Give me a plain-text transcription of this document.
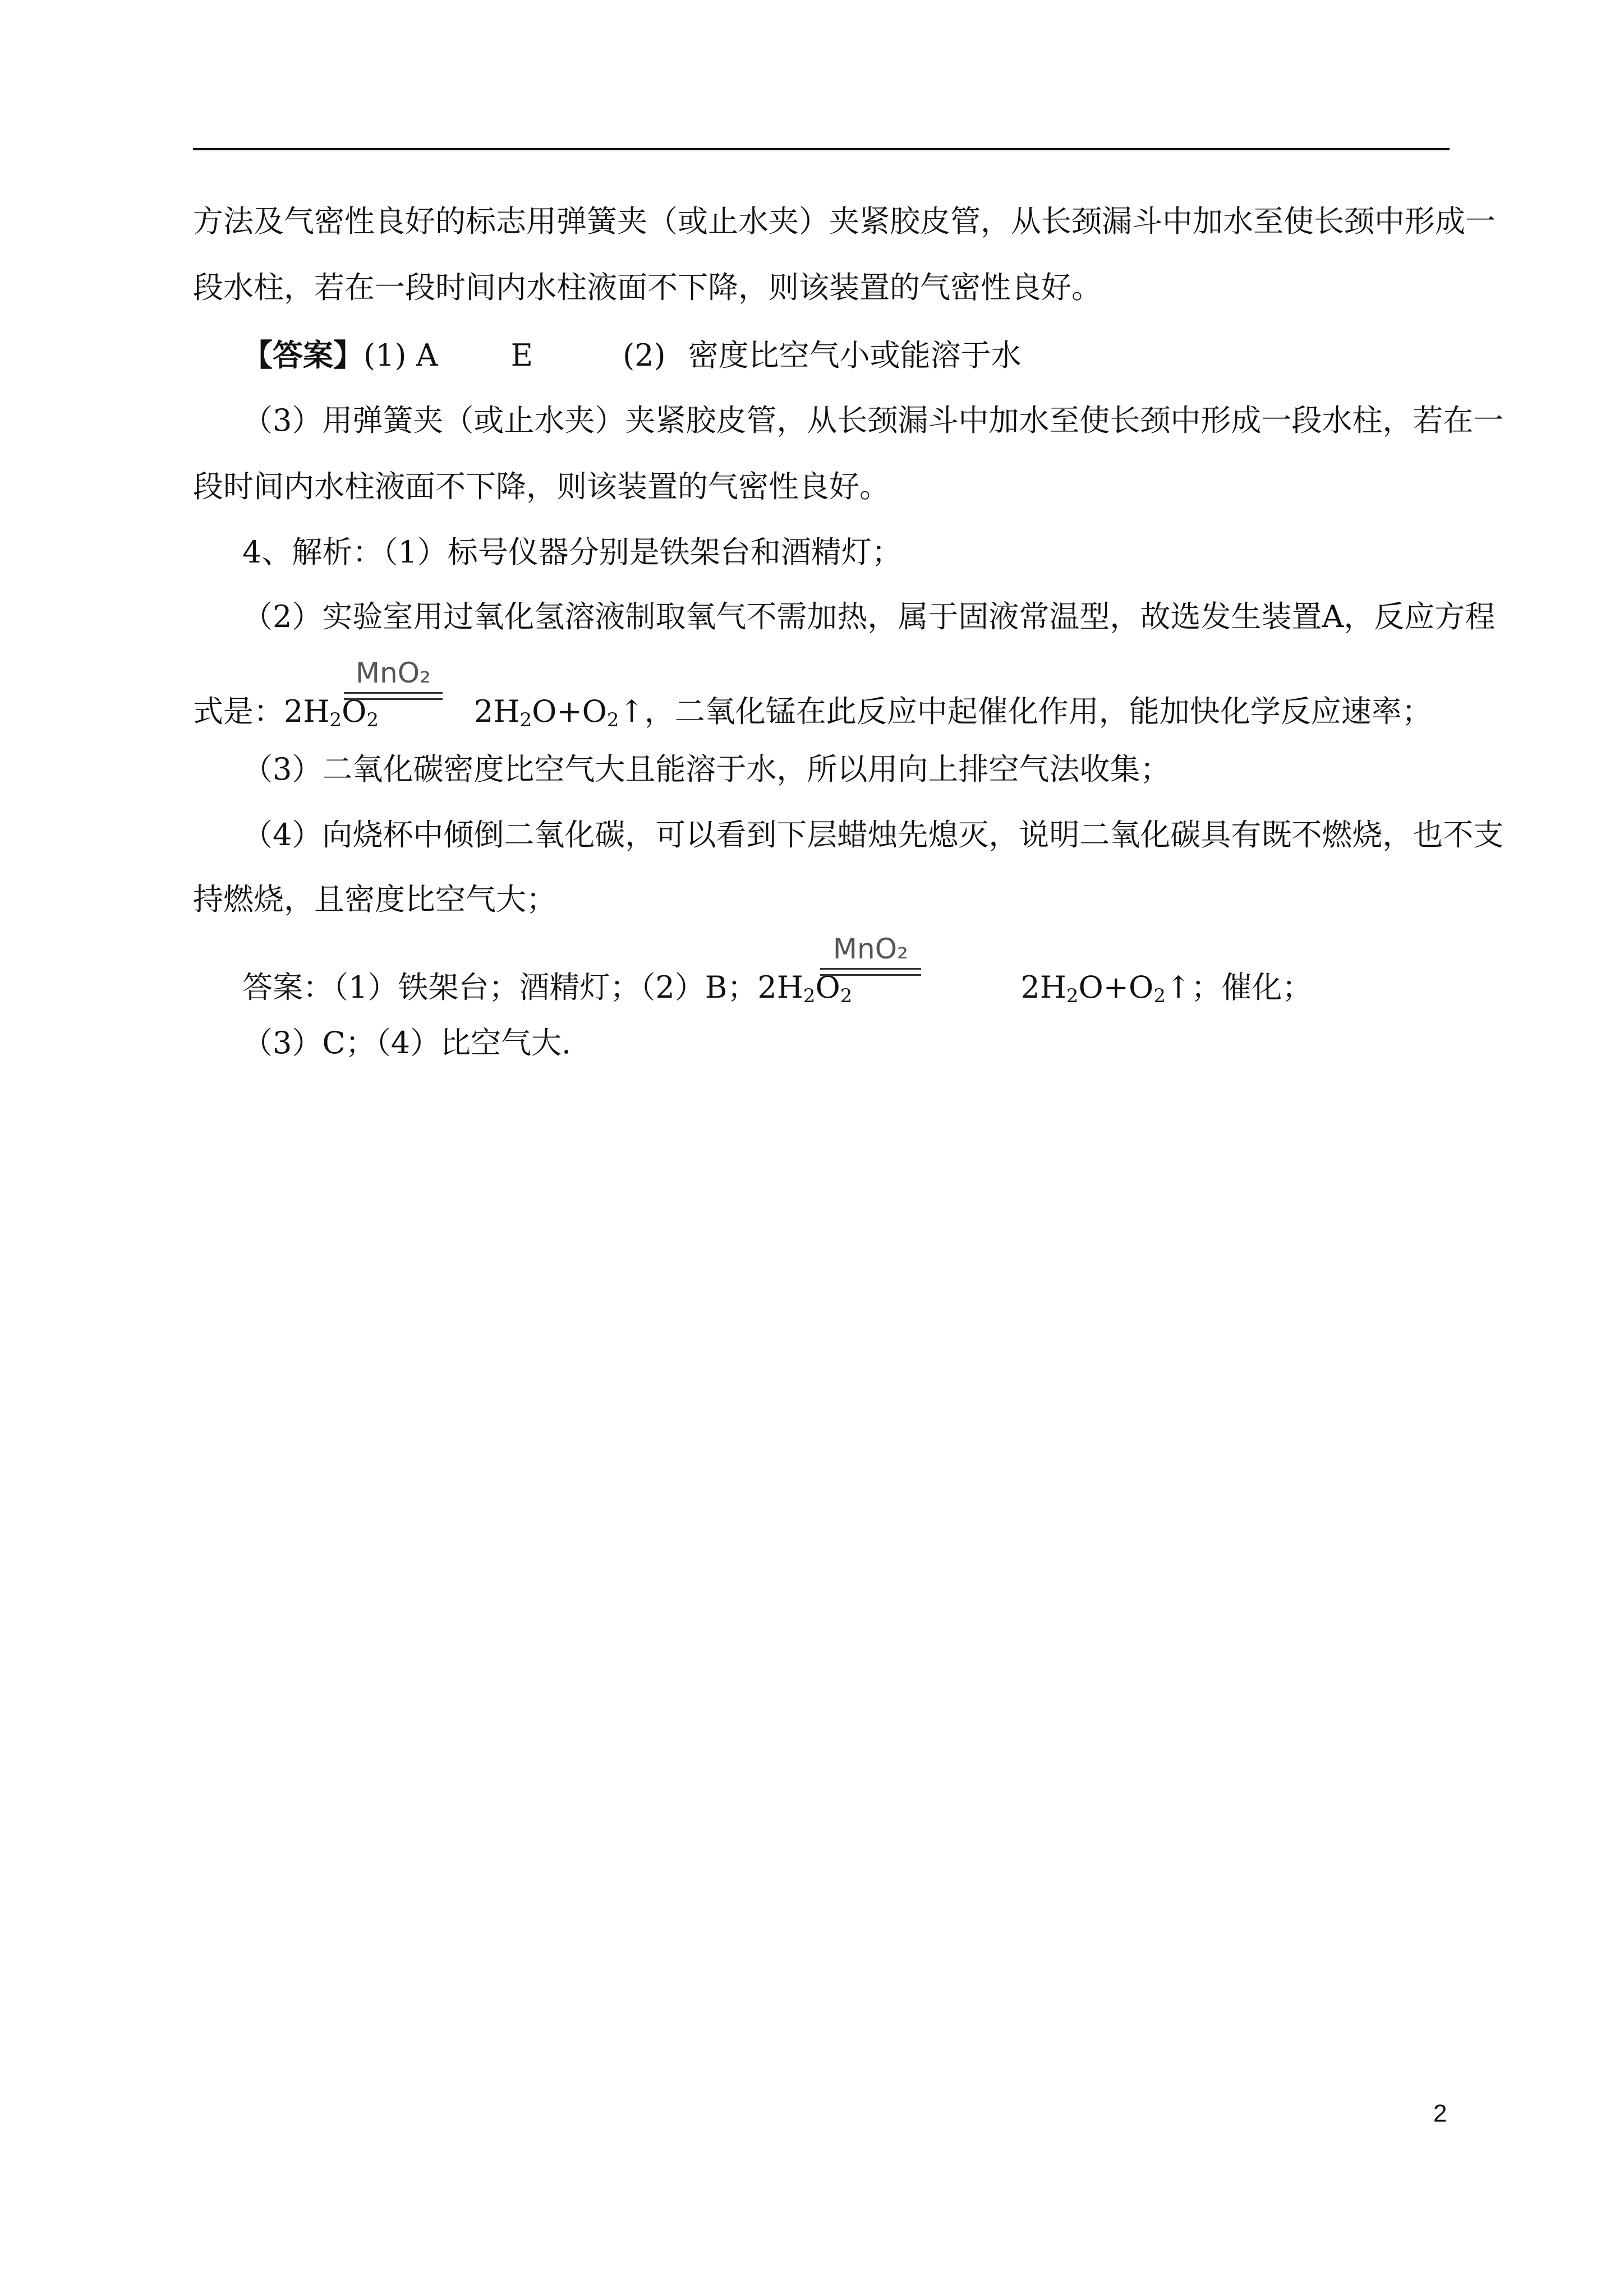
方法及气密性良好的标志用弹簧夹（或止水夹）夹紧胶皮管，从长颈漏斗中加水至使长颈中形成一
段水柱，若在一段时间内水柱液面不下降，则该装置的气密性良好。
【答案】(1) A E	(2) 密度比空气小或能溶于水
（3）用弹簧夹（或止水夹）夹紧胶皮管，从长颈漏斗中加水至使长颈中形成一段水柱，若在一
段时间内水柱液面不下降，则该装置的气密性良好。
4、解析：（1）标号仪器分别是铁架台和酒精灯；
（2）实验室用过氧化氢溶液制取氧气不需加热，属于固液常温型，故选发生装置A，反应方程
式是：$2H_2O_2$	$2H_2O+O_2↑$，二氧化锰在此反应中起催化作用，能加快化学反应速率；
MnO₂
（3）二氧化碳密度比空气大且能溶于水，所以用向上排空气法收集；
（4）向烧杯中倾倒二氧化碳，可以看到下层蜡烛先熄灭，说明二氧化碳具有既不燃烧，也不支
持燃烧，且密度比空气大；
答案：（1）铁架台；酒精灯；（2）B；$2H_2O_2$	$2H_2O+O_2↑$；催化；
MnO₂
（3）C；（4）比空气大.
2
